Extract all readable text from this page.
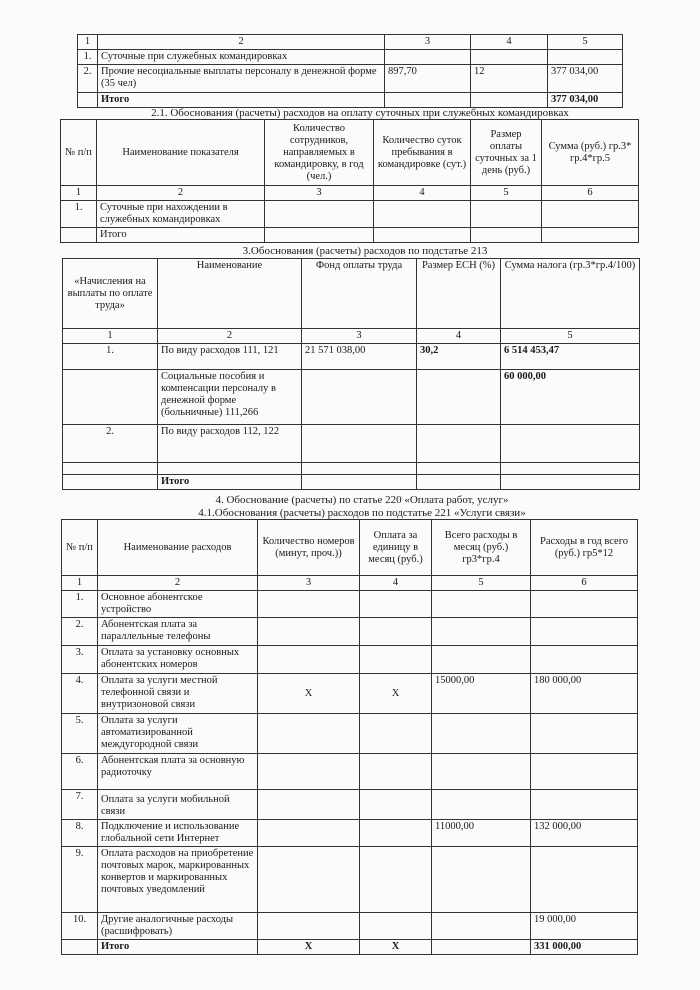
1	2	3	4	5
1.	Суточные при служебных командировках			
2.	Прочие несоциальные выплаты персоналу в денежной форме (35 чел)	897,70	12	377 034,00
	Итого			377 034,00
2.1. Обоснования (расчеты) расходов на оплату суточных при служебных командировках
№ п/п	Наименование показателя	Количество сотрудников, направляемых в командировку, в год (чел.)	Количество суток пребывания в командировке (сут.)	Размер оплаты суточных за 1 день (руб.)	Сумма (руб.) гр.3* гр.4*гр.5
1	2	3	4	5	6
1.	Суточные при нахождении в служебных командировках				
	Итого				
3.Обоснования (расчеты) расходов по подстатье 213
«Начисления на выплаты по оплате труда»	Наименование	Фонд оплаты труда	Размер ЕСН (%)	Сумма налога (гр.3*гр.4/100)
1	2	3	4	5
1.	По виду расходов 111, 121	21 571 038,00	30,2	6 514 453,47
	Социальные пособия и компенсации персоналу в денежной форме (больничные) 111,266			60 000,00
2.	По виду расходов 112, 122			

	Итого			
4. Обоснование (расчеты) по статье 220 «Оплата работ, услуг»
4.1.Обоснования (расчеты) расходов по подстатье 221 «Услуги связи»
№ п/п	Наименование расходов	Количество номеров (минут, проч.))	Оплата за единицу в месяц (руб.)	Всего расходы в месяц (руб.) гр3*гр.4	Расходы в год всего (руб.) гр5*12
1	2	3	4	5	6
1.	Основное абонентское устройство				
2.	Абонентская плата за параллельные телефоны				
3.	Оплата за установку основных абонентских номеров				
4.	Оплата за услуги местной телефонной связи и внутризоновой связи	X	X	15000,00	180 000,00
5.	Оплата за услуги автоматизированной междугородной связи				
6.	Абонентская плата за основную радиоточку				
7.	Оплата за услуги мобильной связи				
8.	Подключение и использование глобальной сети Интернет			11000,00	132 000,00
9.	Оплата расходов на приобретение почтовых марок, маркированных конвертов и маркированных почтовых уведомлений				
10.	Другие аналогичные расходы (расшифровать)				19 000,00
	Итого	X	X		331 000,00
